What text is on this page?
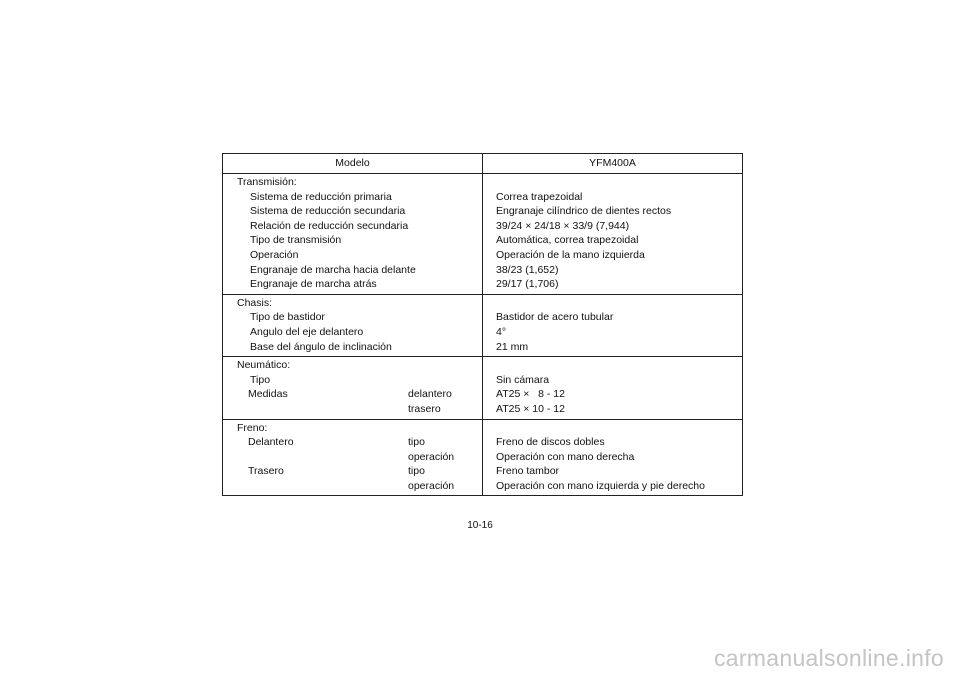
Modelo	YFM400A
Transmisión:
Sistema de reducción primaria	Correa trapezoidal
Sistema de reducción secundaria	Engranaje cilíndrico de dientes rectos
Relación de reducción secundaria	39/24 × 24/18 × 33/9 (7,944)
Tipo de transmisión	Automática, correa trapezoidal
Operación	Operación de la mano izquierda
Engranaje de marcha hacia delante	38/23 (1,652)
Engranaje de marcha atrás	29/17 (1,706)
Chasis:
Tipo de bastidor	Bastidor de acero tubular
Angulo del eje delantero	4°
Base del ángulo de inclinación	21 mm
Neumático:
Tipo	Sin cámara
Medidas	delantero	AT25 ×   8 - 12
trasero	AT25 × 10 - 12
Freno:
Delantero	tipo	Freno de discos dobles
operación	Operación con mano derecha
Trasero	tipo	Freno tambor
operación	Operación con mano izquierda y pie derecho
10-16
carmanualsonline.info
